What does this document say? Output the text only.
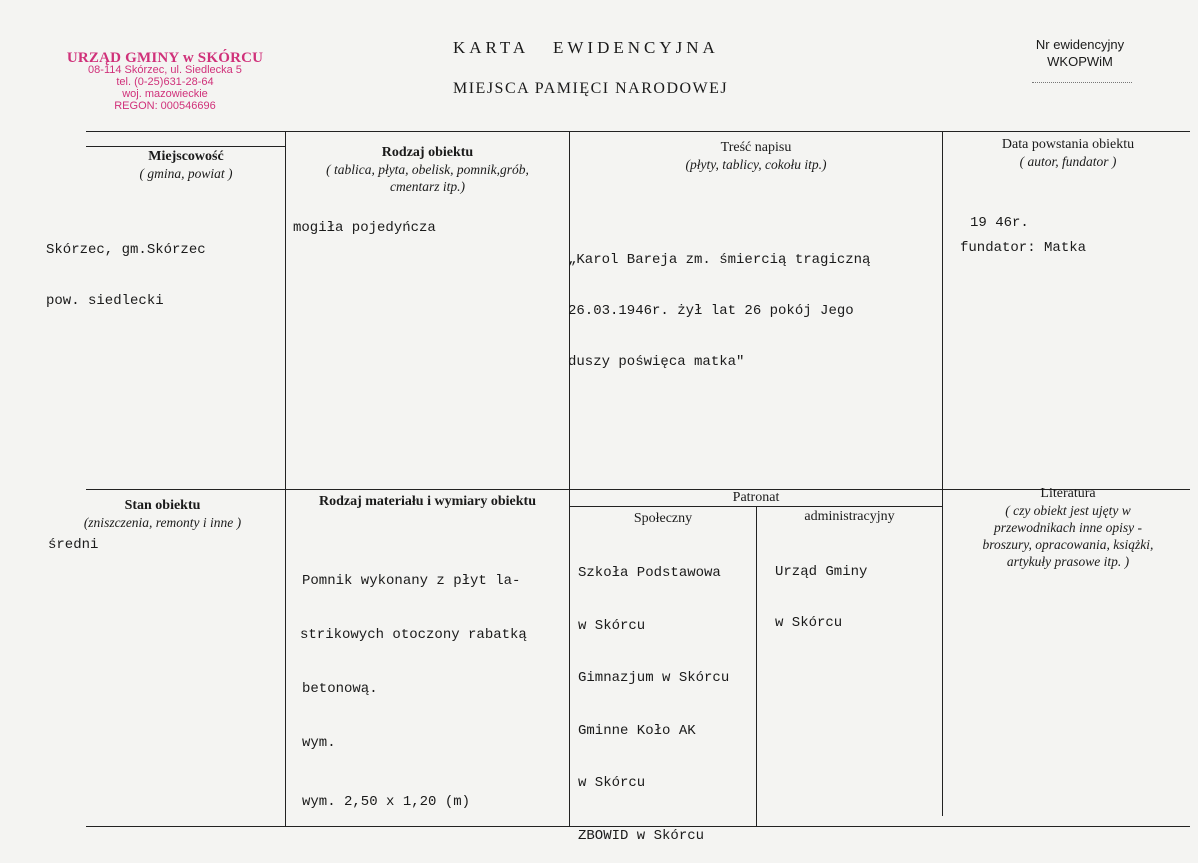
URZĄD GMINY w SKÓRCU
08-114 Skórzec, ul. Siedlecka 5
tel. (0-25)631-28-64
woj. mazowieckie
REGON: 000546696
KARTA   EWIDENCYJNA
MIEJSCA PAMIĘCI NARODOWEJ
Nr ewidencyjny
WKOPWiM
Miejscowość
( gmina, powiat )
Rodzaj obiektu
( tablica, płyta, obelisk, pomnik,grób,
cmentarz itp.)
Treść napisu
(płyty, tablicy, cokołu itp.)
Data powstania obiektu
( autor, fundator )

Skórzec, gm.Skórzec

pow. siedlecki

mogiła pojedyńcza

„Karol Bareja zm. śmiercią tragiczną

26.03.1946r. żył lat 26 pokój Jego

duszy poświęca matka"

19 46r.
fundator: Matka
Stan obiektu
(zniszczenia, remonty i inne )
Rodzaj materiału i wymiary obiektu	Patronat
Społeczny	administracyjny
Literatura
( czy obiekt jest ujęty w
przewodnikach inne opisy -
broszury, opracowania, książki,
artykuły prasowe itp. )
średni

Pomnik wykonany z płyt la-

strikowych otoczony rabatką

betonową.

wym.

wym. 2,50 x 1,20 (m)

Szkoła Podstawowa

w Skórcu

Gimnazjum w Skórcu

Gminne Koło AK

w Skórcu

ZBOWID w Skórcu

Urząd Gminy

w Skórcu
